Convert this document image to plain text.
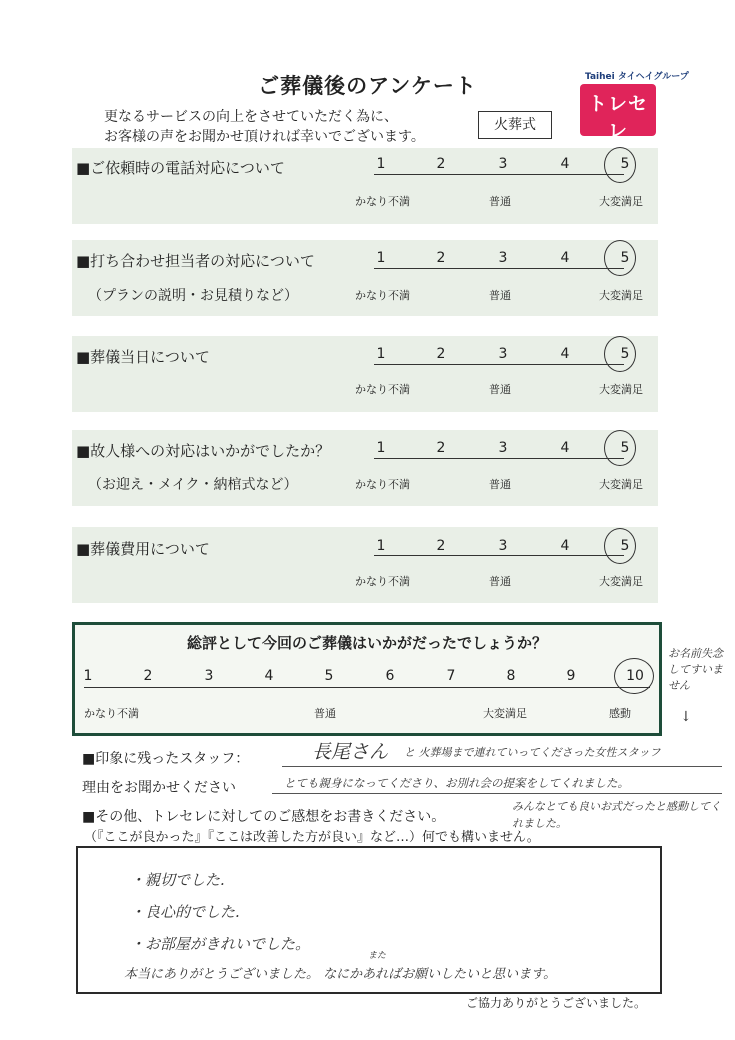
ご葬儀後のアンケート
更なるサービスの向上をさせていただく為に、
お客様の声をお聞かせ頂ければ幸いでございます。
火葬式
Taihei タイヘイグループ
トレセレ
■ご依頼時の電話対応について	1	2	3	4	5
かなり不満	普通	大変満足
■打ち合わせ担当者の対応について
（プランの説明・お見積りなど）
1	2	3	4	5
かなり不満	普通	大変満足
■葬儀当日について	1	2	3	4	5
かなり不満	普通	大変満足
■故人様への対応はいかがでしたか？
（お迎え・メイク・納棺式など）
1	2	3	4	5
かなり不満	普通	大変満足
■葬儀費用について	1	2	3	4	5
かなり不満	普通	大変満足
総評として今回のご葬儀はいかがだったでしょうか？
1	2	3	4	5	6	7	8	9	10
かなり不満	普通	大変満足	感動
お名前失念してすいません
↓
■印象に残ったスタッフ：	長尾さん と 火葬場まで連れていってくださった女性スタッフ
理由をお聞かせください	とても親身になってくださり、お別れ会の提案をしてくれました。
■その他、トレセレに対してのご感想をお書きください。
（『ここが良かった』『ここは改善した方が良い』など…）何でも構いません。
みんなとても良いお式だったと感動してくれました。
・親切でした.
・良心的でした.
・お部屋がきれいでした。
本当にありがとうございました。 なにかあればお願いしたいと思います。
また
ご協力ありがとうございました。
